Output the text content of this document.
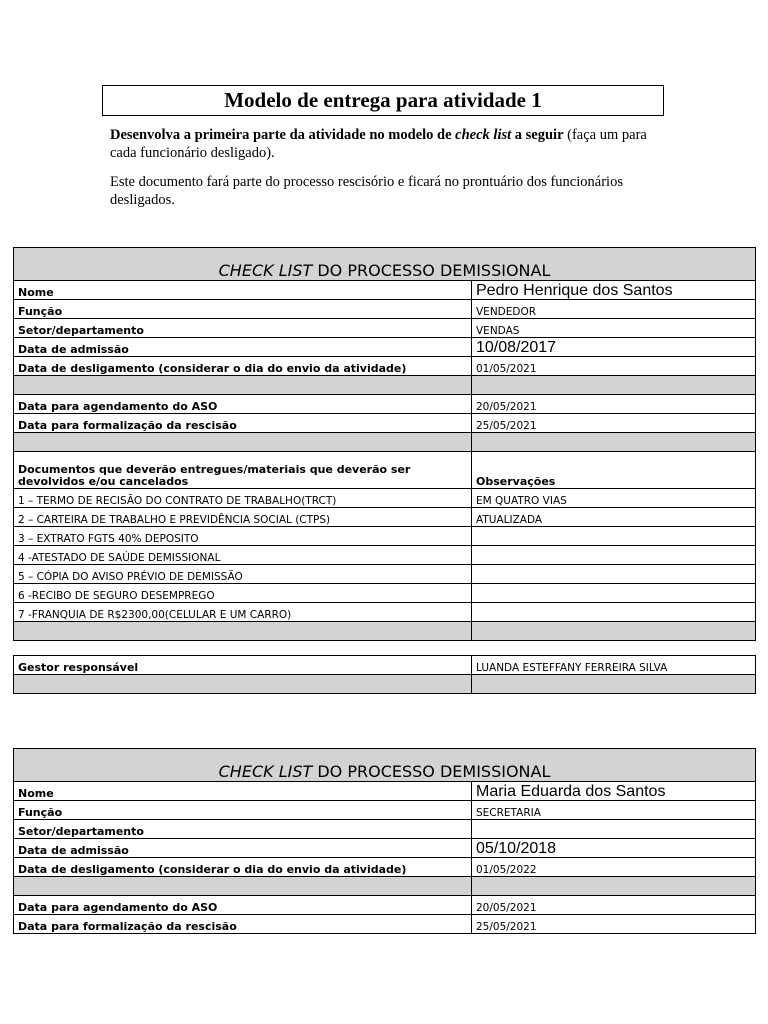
Modelo de entrega para atividade 1
Desenvolva a primeira parte da atividade no modelo de check list a seguir (faça um para cada funcionário desligado).
Este documento fará parte do processo rescisório e ficará no prontuário dos funcionários desligados.
CHECK LIST DO PROCESSO DEMISSIONAL	
Nome	Pedro Henrique dos Santos
Função	VENDEDOR
Setor/departamento	VENDAS
Data de admissão	10/08/2017
Data de desligamento (considerar o dia do envio da atividade)	01/05/2021

Data para agendamento do ASO	20/05/2021
Data para formalização da rescisão	25/05/2021

Documentos que deverão entregues/materiais que deverão ser devolvidos e/ou cancelados	Observações
1 – TERMO DE RECISÃO DO CONTRATO DE TRABALHO(TRCT)	EM QUATRO VIAS
2 – CARTEIRA DE TRABALHO E PREVIDÊNCIA SOCIAL (CTPS)	ATUALIZADA
3 – EXTRATO FGTS 40% DEPOSITO	
4 -ATESTADO DE SAÚDE DEMISSIONAL	
5 – CÓPIA DO AVISO PRÉVIO DE DEMISSÃO	
6 -RECIBO DE SEGURO DESEMPREGO	
7 -FRANQUIA DE R$2300,00(CELULAR E UM CARRO)	

Gestor responsável	LUANDA ESTEFFANY FERREIRA SILVA

CHECK LIST DO PROCESSO DEMISSIONAL	
Nome	Maria Eduarda dos Santos
Função	SECRETARIA
Setor/departamento	
Data de admissão	05/10/2018
Data de desligamento (considerar o dia do envio da atividade)	01/05/2022

Data para agendamento do ASO	20/05/2021
Data para formalização da rescisão	25/05/2021
